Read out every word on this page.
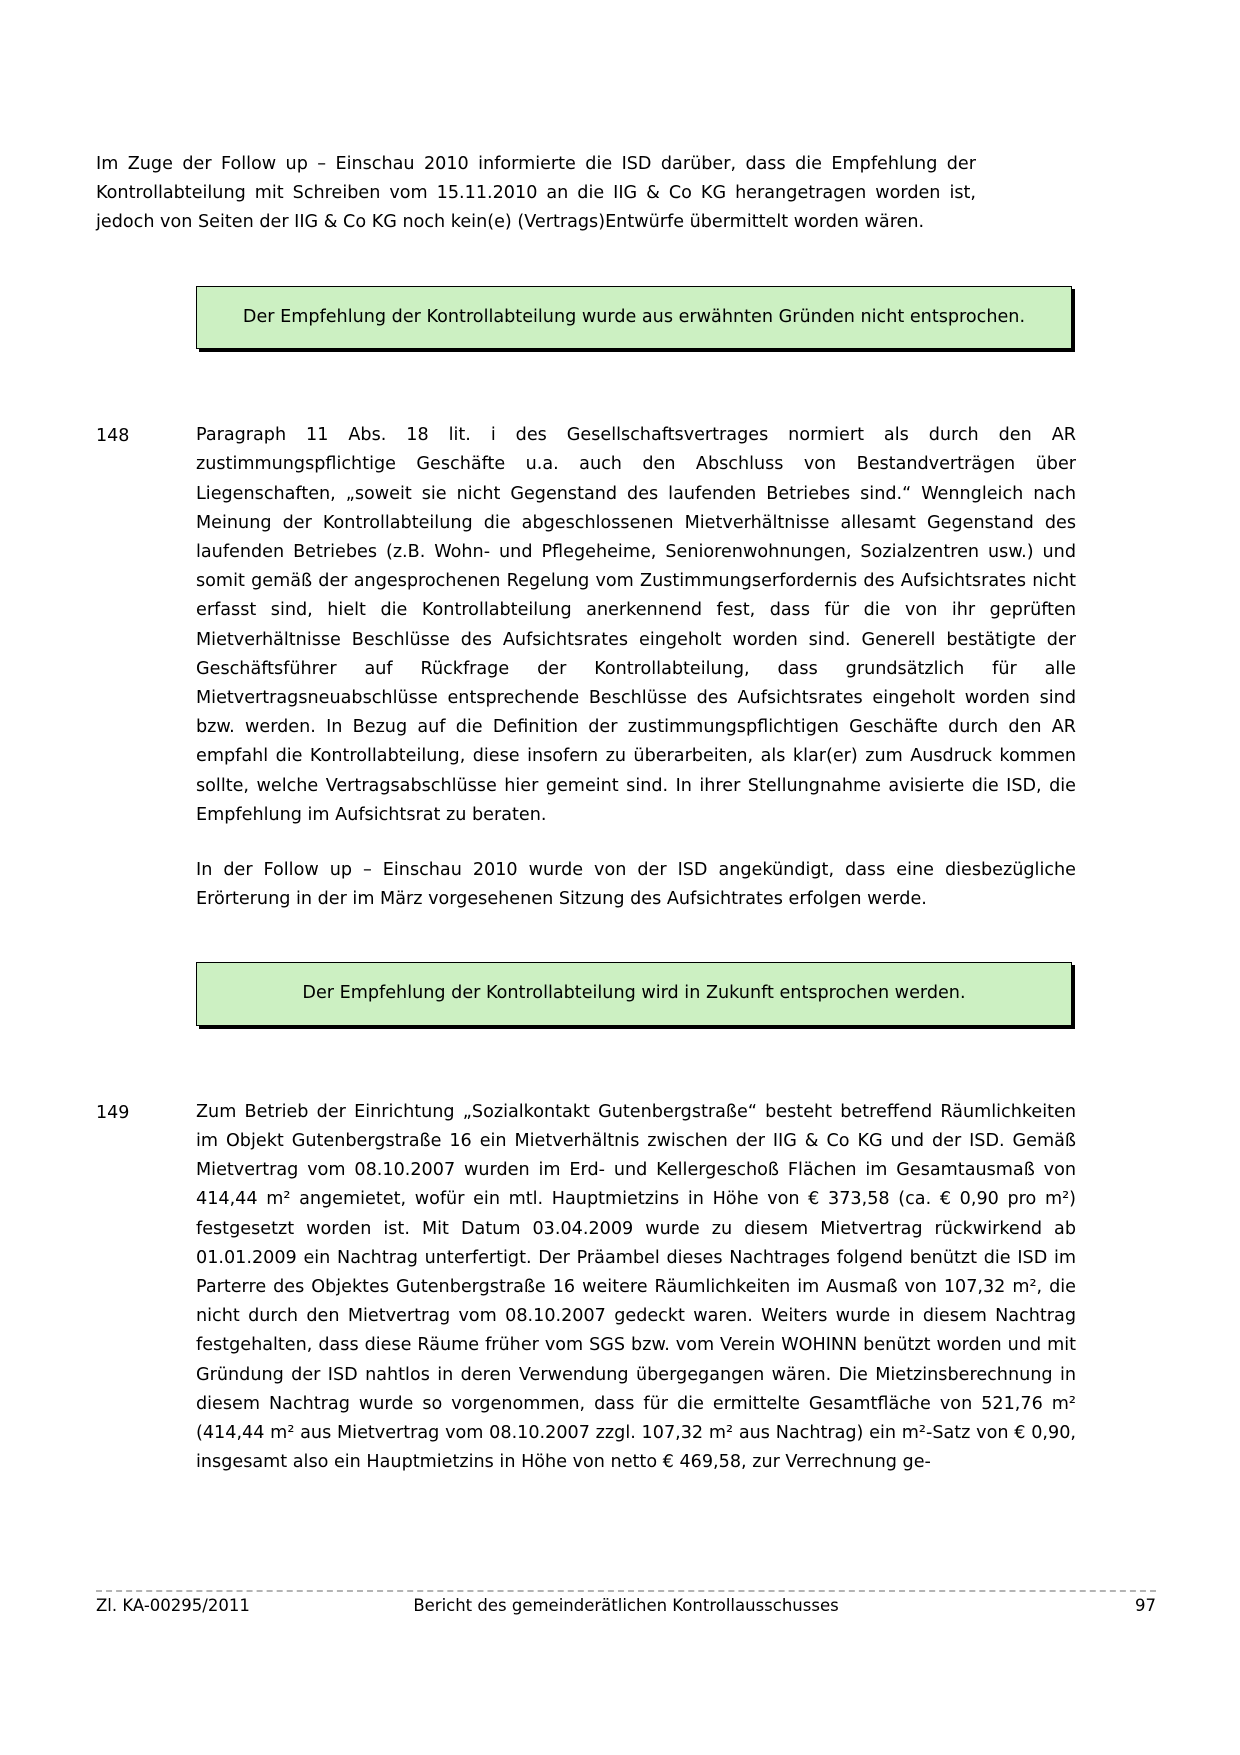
Im Zuge der Follow up – Einschau 2010 informierte die ISD darüber, dass die Empfehlung der Kontrollabteilung mit Schreiben vom 15.11.2010 an die IIG & Co KG herangetragen worden ist, jedoch von Seiten der IIG & Co KG noch kein(e) (Vertrags)Entwürfe übermittelt worden wären.

Der Empfehlung der Kontrollabteilung wurde aus erwähnten Gründen nicht entsprochen.
148	Paragraph 11 Abs. 18 lit. i des Gesellschaftsvertrages normiert als durch den AR zustimmungspflichtige Geschäfte u.a. auch den Abschluss von Bestandverträgen über Liegenschaften, „soweit sie nicht Gegenstand des laufenden Betriebes sind.“ Wenngleich nach Meinung der Kontrollabteilung die abgeschlossenen Mietverhältnisse allesamt Gegenstand des laufenden Betriebes (z.B. Wohn- und Pflegeheime, Seniorenwohnungen, Sozialzentren usw.) und somit gemäß der angesprochenen Regelung vom Zustimmungserfordernis des Aufsichtsrates nicht erfasst sind, hielt die Kontrollabteilung anerkennend fest, dass für die von ihr geprüften Mietverhältnisse Beschlüsse des Aufsichtsrates eingeholt worden sind. Generell bestätigte der Geschäftsführer auf Rückfrage der Kontrollabteilung, dass grundsätzlich für alle Mietvertragsneuabschlüsse entsprechende Beschlüsse des Aufsichtsrates eingeholt worden sind bzw. werden. In Bezug auf die Definition der zustimmungspflichtigen Geschäfte durch den AR empfahl die Kontrollabteilung, diese insofern zu überarbeiten, als klar(er) zum Ausdruck kommen sollte, welche Vertragsabschlüsse hier gemeint sind. In ihrer Stellungnahme avisierte die ISD, die Empfehlung im Aufsichtsrat zu beraten.

In der Follow up – Einschau 2010 wurde von der ISD angekündigt, dass eine diesbezügliche Erörterung in der im März vorgesehenen Sitzung des Aufsichtrates erfolgen werde.

Der Empfehlung der Kontrollabteilung wird in Zukunft entsprochen werden.
149	Zum Betrieb der Einrichtung „Sozialkontakt Gutenbergstraße“ besteht betreffend Räumlichkeiten im Objekt Gutenbergstraße 16 ein Mietverhältnis zwischen der IIG & Co KG und der ISD. Gemäß Mietvertrag vom 08.10.2007 wurden im Erd- und Kellergeschoß Flächen im Gesamtausmaß von 414,44 m² angemietet, wofür ein mtl. Hauptmietzins in Höhe von € 373,58 (ca. € 0,90 pro m²) festgesetzt worden ist. Mit Datum 03.04.2009 wurde zu diesem Mietvertrag rückwirkend ab 01.01.2009 ein Nachtrag unterfertigt. Der Präambel dieses Nachtrages folgend benützt die ISD im Parterre des Objektes Gutenbergstraße 16 weitere Räumlichkeiten im Ausmaß von 107,32 m², die nicht durch den Mietvertrag vom 08.10.2007 gedeckt waren. Weiters wurde in diesem Nachtrag festgehalten, dass diese Räume früher vom SGS bzw. vom Verein WOHINN benützt worden und mit Gründung der ISD nahtlos in deren Verwendung übergegangen wären. Die Mietzinsberechnung in diesem Nachtrag wurde so vorgenommen, dass für die ermittelte Gesamtfläche von 521,76 m² (414,44 m² aus Mietvertrag vom 08.10.2007 zzgl. 107,32 m² aus Nachtrag) ein m²-Satz von € 0,90, insgesamt also ein Hauptmietzins in Höhe von netto € 469,58, zur Verrechnung ge-

Bericht des gemeinderätlichen Kontrollausschusses
Zl. KA-00295/2011	97
